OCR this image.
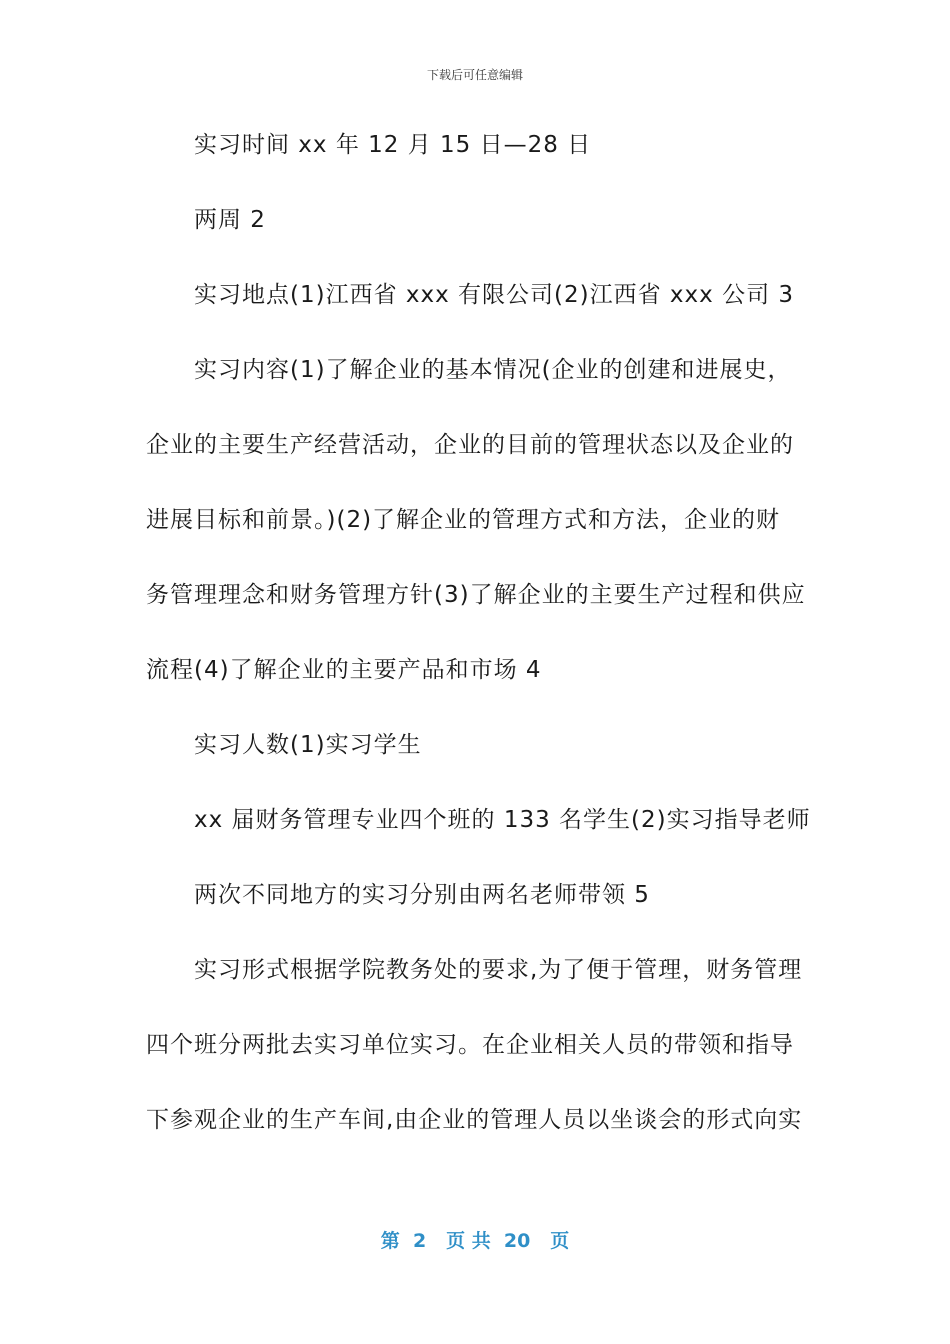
下载后可任意编辑
实习时间 xx 年 12 月 15 日—28 日
两周 2
实习地点(1)江西省 xxx 有限公司(2)江西省 xxx 公司 3
实习内容(1)了解企业的基本情况(企业的创建和进展史，
企业的主要生产经营活动，企业的目前的管理状态以及企业的
进展目标和前景。)(2)了解企业的管理方式和方法，企业的财
务管理理念和财务管理方针(3)了解企业的主要生产过程和供应
流程(4)了解企业的主要产品和市场 4
实习人数(1)实习学生
xx 届财务管理专业四个班的 133 名学生(2)实习指导老师
两次不同地方的实习分别由两名老师带领 5
实习形式根据学院教务处的要求,为了便于管理，财务管理
四个班分两批去实习单位实习。在企业相关人员的带领和指导
下参观企业的生产车间,由企业的管理人员以坐谈会的形式向实
第  2   页 共  20   页
